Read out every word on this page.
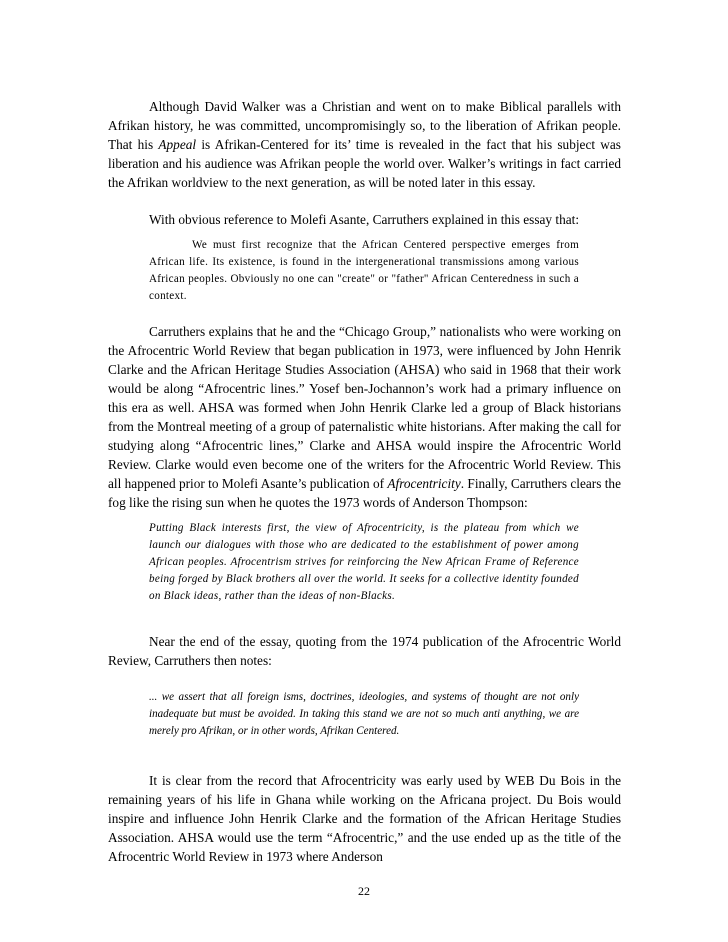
Although David Walker was a Christian and went on to make Biblical parallels with Afrikan history, he was committed, uncompromisingly so, to the liberation of Afrikan people. That his Appeal is Afrikan-Centered for its’ time is revealed in the fact that his subject was liberation and his audience was Afrikan people the world over. Walker’s writings in fact carried the Afrikan worldview to the next generation, as will be noted later in this essay.

With obvious reference to Molefi Asante, Carruthers explained in this essay that:

We must first recognize that the African Centered perspective emerges from African life. Its existence, is found in the intergenerational transmissions among various African peoples. Obviously no one can "create" or "father" African Centeredness in such a context.

Carruthers explains that he and the “Chicago Group,” nationalists who were working on the Afrocentric World Review that began publication in 1973, were influenced by John Henrik Clarke and the African Heritage Studies Association (AHSA) who said in 1968 that their work would be along “Afrocentric lines.” Yosef ben-Jochannon’s work had a primary influence on this era as well. AHSA was formed when John Henrik Clarke led a group of Black historians from the Montreal meeting of a group of paternalistic white historians. After making the call for studying along “Afrocentric lines,” Clarke and AHSA would inspire the Afrocentric World Review. Clarke would even become one of the writers for the Afrocentric World Review. This all happened prior to Molefi Asante’s publication of Afrocentricity. Finally, Carruthers clears the fog like the rising sun when he quotes the 1973 words of Anderson Thompson:

Putting Black interests first, the view of Afrocentricity, is the plateau from which we launch our dialogues with those who are dedicated to the establishment of power among African peoples. Afrocentrism strives for reinforcing the New African Frame of Reference being forged by Black brothers all over the world. It seeks for a collective identity founded on Black ideas, rather than the ideas of non-Blacks.

Near the end of the essay, quoting from the 1974 publication of the Afrocentric World Review, Carruthers then notes:

... we assert that all foreign isms, doctrines, ideologies, and systems of thought are not only inadequate but must be avoided. In taking this stand we are not so much anti anything, we are merely pro Afrikan, or in other words, Afrikan Centered.

It is clear from the record that Afrocentricity was early used by WEB Du Bois in the remaining years of his life in Ghana while working on the Africana project. Du Bois would inspire and influence John Henrik Clarke and the formation of the African Heritage Studies Association. AHSA would use the term “Afrocentric,” and the use ended up as the title of the Afrocentric World Review in 1973 where Anderson

22
